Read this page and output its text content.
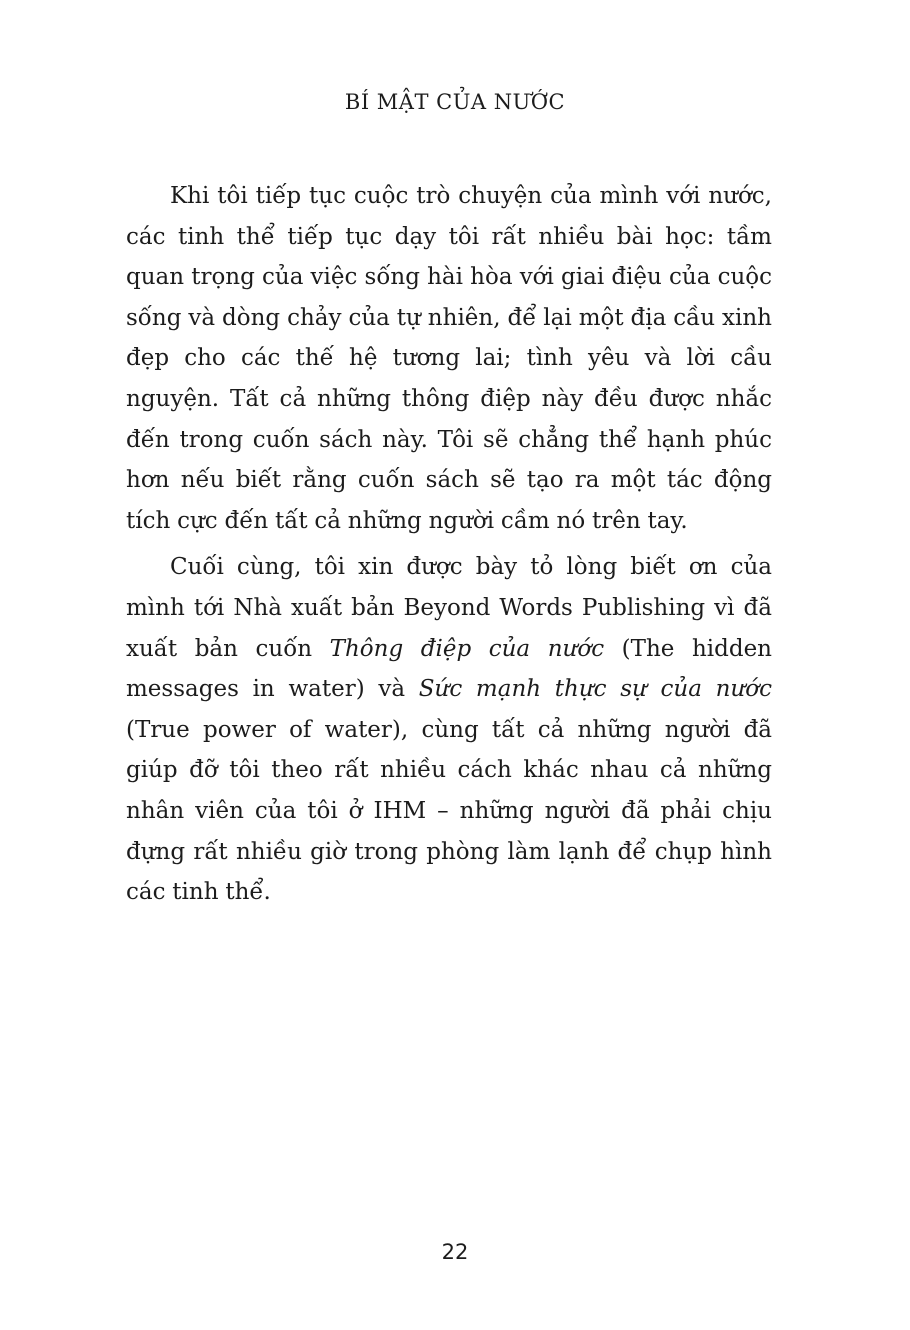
BÍ MẬT CỦA NƯỚC

Khi tôi tiếp tục cuộc trò chuyện của mình với nước, các tinh thể tiếp tục dạy tôi rất nhiều bài học: tầm quan trọng của việc sống hài hòa với giai điệu của cuộc sống và dòng chảy của tự nhiên, để lại một địa cầu xinh đẹp cho các thế hệ tương lai; tình yêu và lời cầu nguyện. Tất cả những thông điệp này đều được nhắc đến trong cuốn sách này. Tôi sẽ chẳng thể hạnh phúc hơn nếu biết rằng cuốn sách sẽ tạo ra một tác động tích cực đến tất cả những người cầm nó trên tay.

Cuối cùng, tôi xin được bày tỏ lòng biết ơn của mình tới Nhà xuất bản Beyond Words Publishing vì đã xuất bản cuốn Thông điệp của nước (The hidden messages in water) và Sức mạnh thực sự của nước (True power of water), cùng tất cả những người đã giúp đỡ tôi theo rất nhiều cách khác nhau cả những nhân viên của tôi ở IHM – những người đã phải chịu đựng rất nhiều giờ trong phòng làm lạnh để chụp hình các tinh thể.

22
